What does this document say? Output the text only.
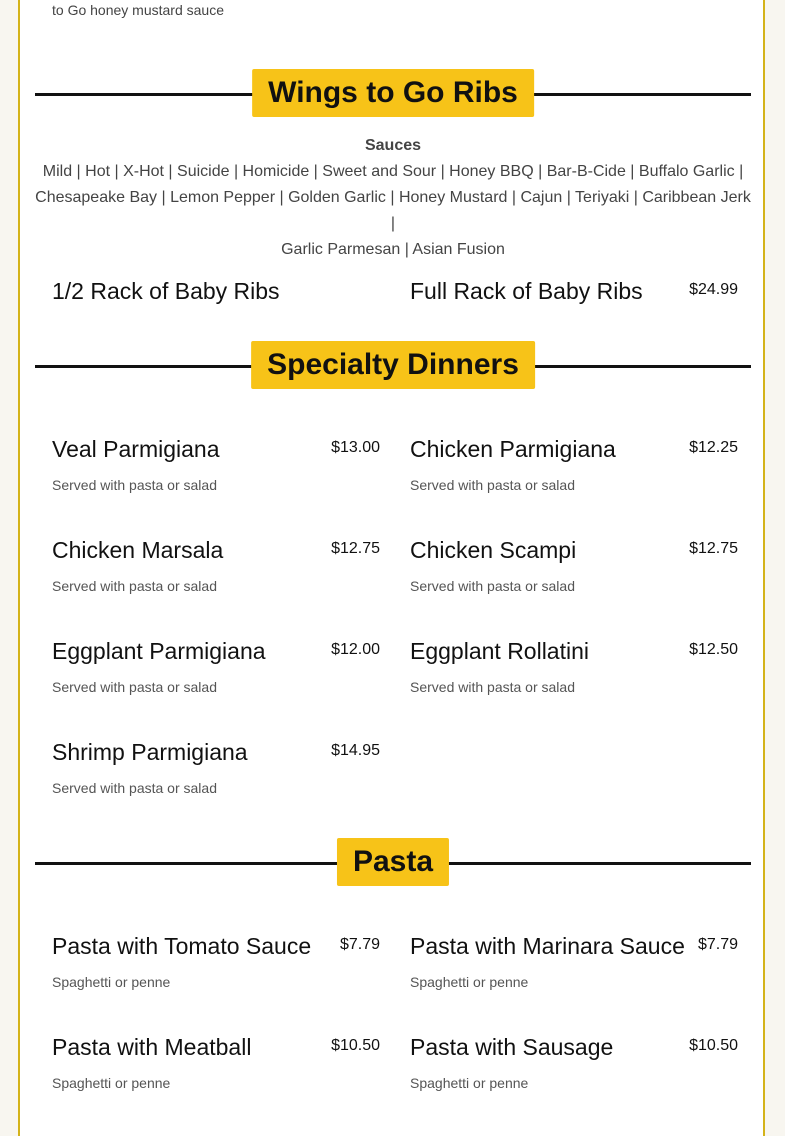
to Go honey mustard sauce
Wings to Go Ribs
Sauces
Mild | Hot | X-Hot | Suicide | Homicide | Sweet and Sour | Honey BBQ | Bar-B-Cide | Buffalo Garlic |
Chesapeake Bay | Lemon Pepper | Golden Garlic | Honey Mustard | Cajun | Teriyaki | Caribbean Jerk |
Garlic Parmesan | Asian Fusion
1/2 Rack of Baby Ribs	Full Rack of Baby Ribs	$24.99
Specialty Dinners
Veal Parmigiana	$13.00
Served with pasta or salad
Chicken Parmigiana	$12.25
Served with pasta or salad
Chicken Marsala	$12.75
Served with pasta or salad
Chicken Scampi	$12.75
Served with pasta or salad
Eggplant Parmigiana	$12.00
Served with pasta or salad
Eggplant Rollatini	$12.50
Served with pasta or salad
Shrimp Parmigiana	$14.95
Served with pasta or salad
Pasta
Pasta with Tomato Sauce $7.79
Spaghetti or penne
Pasta with Marinara Sauce $7.79
Spaghetti or penne
Pasta with Meatball	$10.50
Spaghetti or penne
Pasta with Sausage	$10.50
Spaghetti or penne
